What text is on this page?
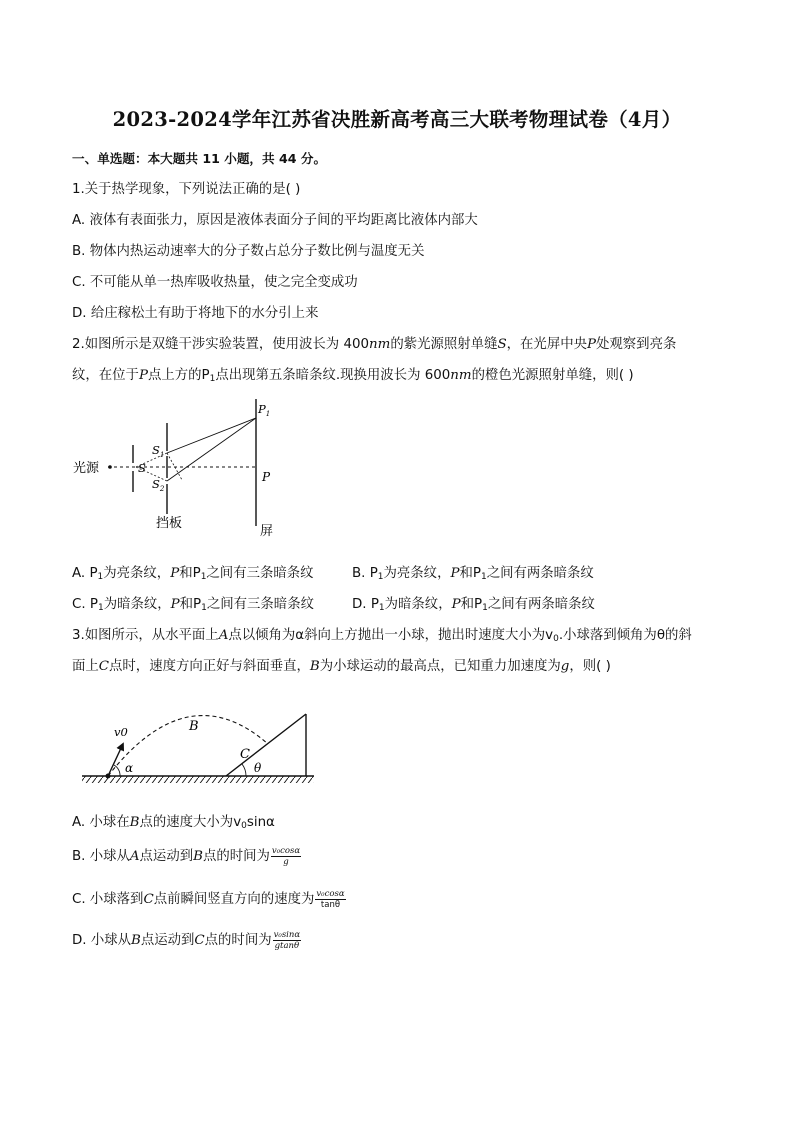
2023-2024学年江苏省决胜新高考高三大联考物理试卷（4月）
一、单选题：本大题共 11 小题，共 44 分。
1.关于热学现象，下列说法正确的是( )
A. 液体有表面张力，原因是液体表面分子间的平均距离比液体内部大
B. 物体内热运动速率大的分子数占总分子数比例与温度无关
C. 不可能从单一热库吸收热量，使之完全变成功
D. 给庄稼松土有助于将地下的水分引上来
2.如图所示是双缝干涉实验装置，使用波长为 400nm的紫光源照射单缝S，在光屏中央P处观察到亮条
纹，在位于P点上方的$P_1$点出现第五条暗条纹.现换用波长为 600nm的橙色光源照射单缝，则( )
光源	S
$S_1$
$S_2$
$P_1$
P
挡板
屏
A. $P_1$为亮条纹，P和$P_1$之间有三条暗条纹	B. $P_1$为亮条纹，P和$P_1$之间有两条暗条纹
C. $P_1$为暗条纹，P和$P_1$之间有三条暗条纹	D. $P_1$为暗条纹，P和$P_1$之间有两条暗条纹
3.如图所示，从水平面上A点以倾角为α斜向上方抛出一小球，抛出时速度大小为$v_0$.小球落到倾角为θ的斜
面上C点时，速度方向正好与斜面垂直，B为小球运动的最高点，已知重力加速度为g，则( )
v0	B
C
α	θ
A. 小球在B点的速度大小为$v_0\sin\alpha$
B. 小球从A点运动到B点的时间为 $\frac{\text{v₀cosα}}{g}$
C. 小球落到C点前瞬间竖直方向的速度为 $\frac{\text{v₀cosα}}{\tan\theta}$
D. 小球从B点运动到C点的时间为 $\frac{\text{v₀sinα}}{gtan\theta}$
